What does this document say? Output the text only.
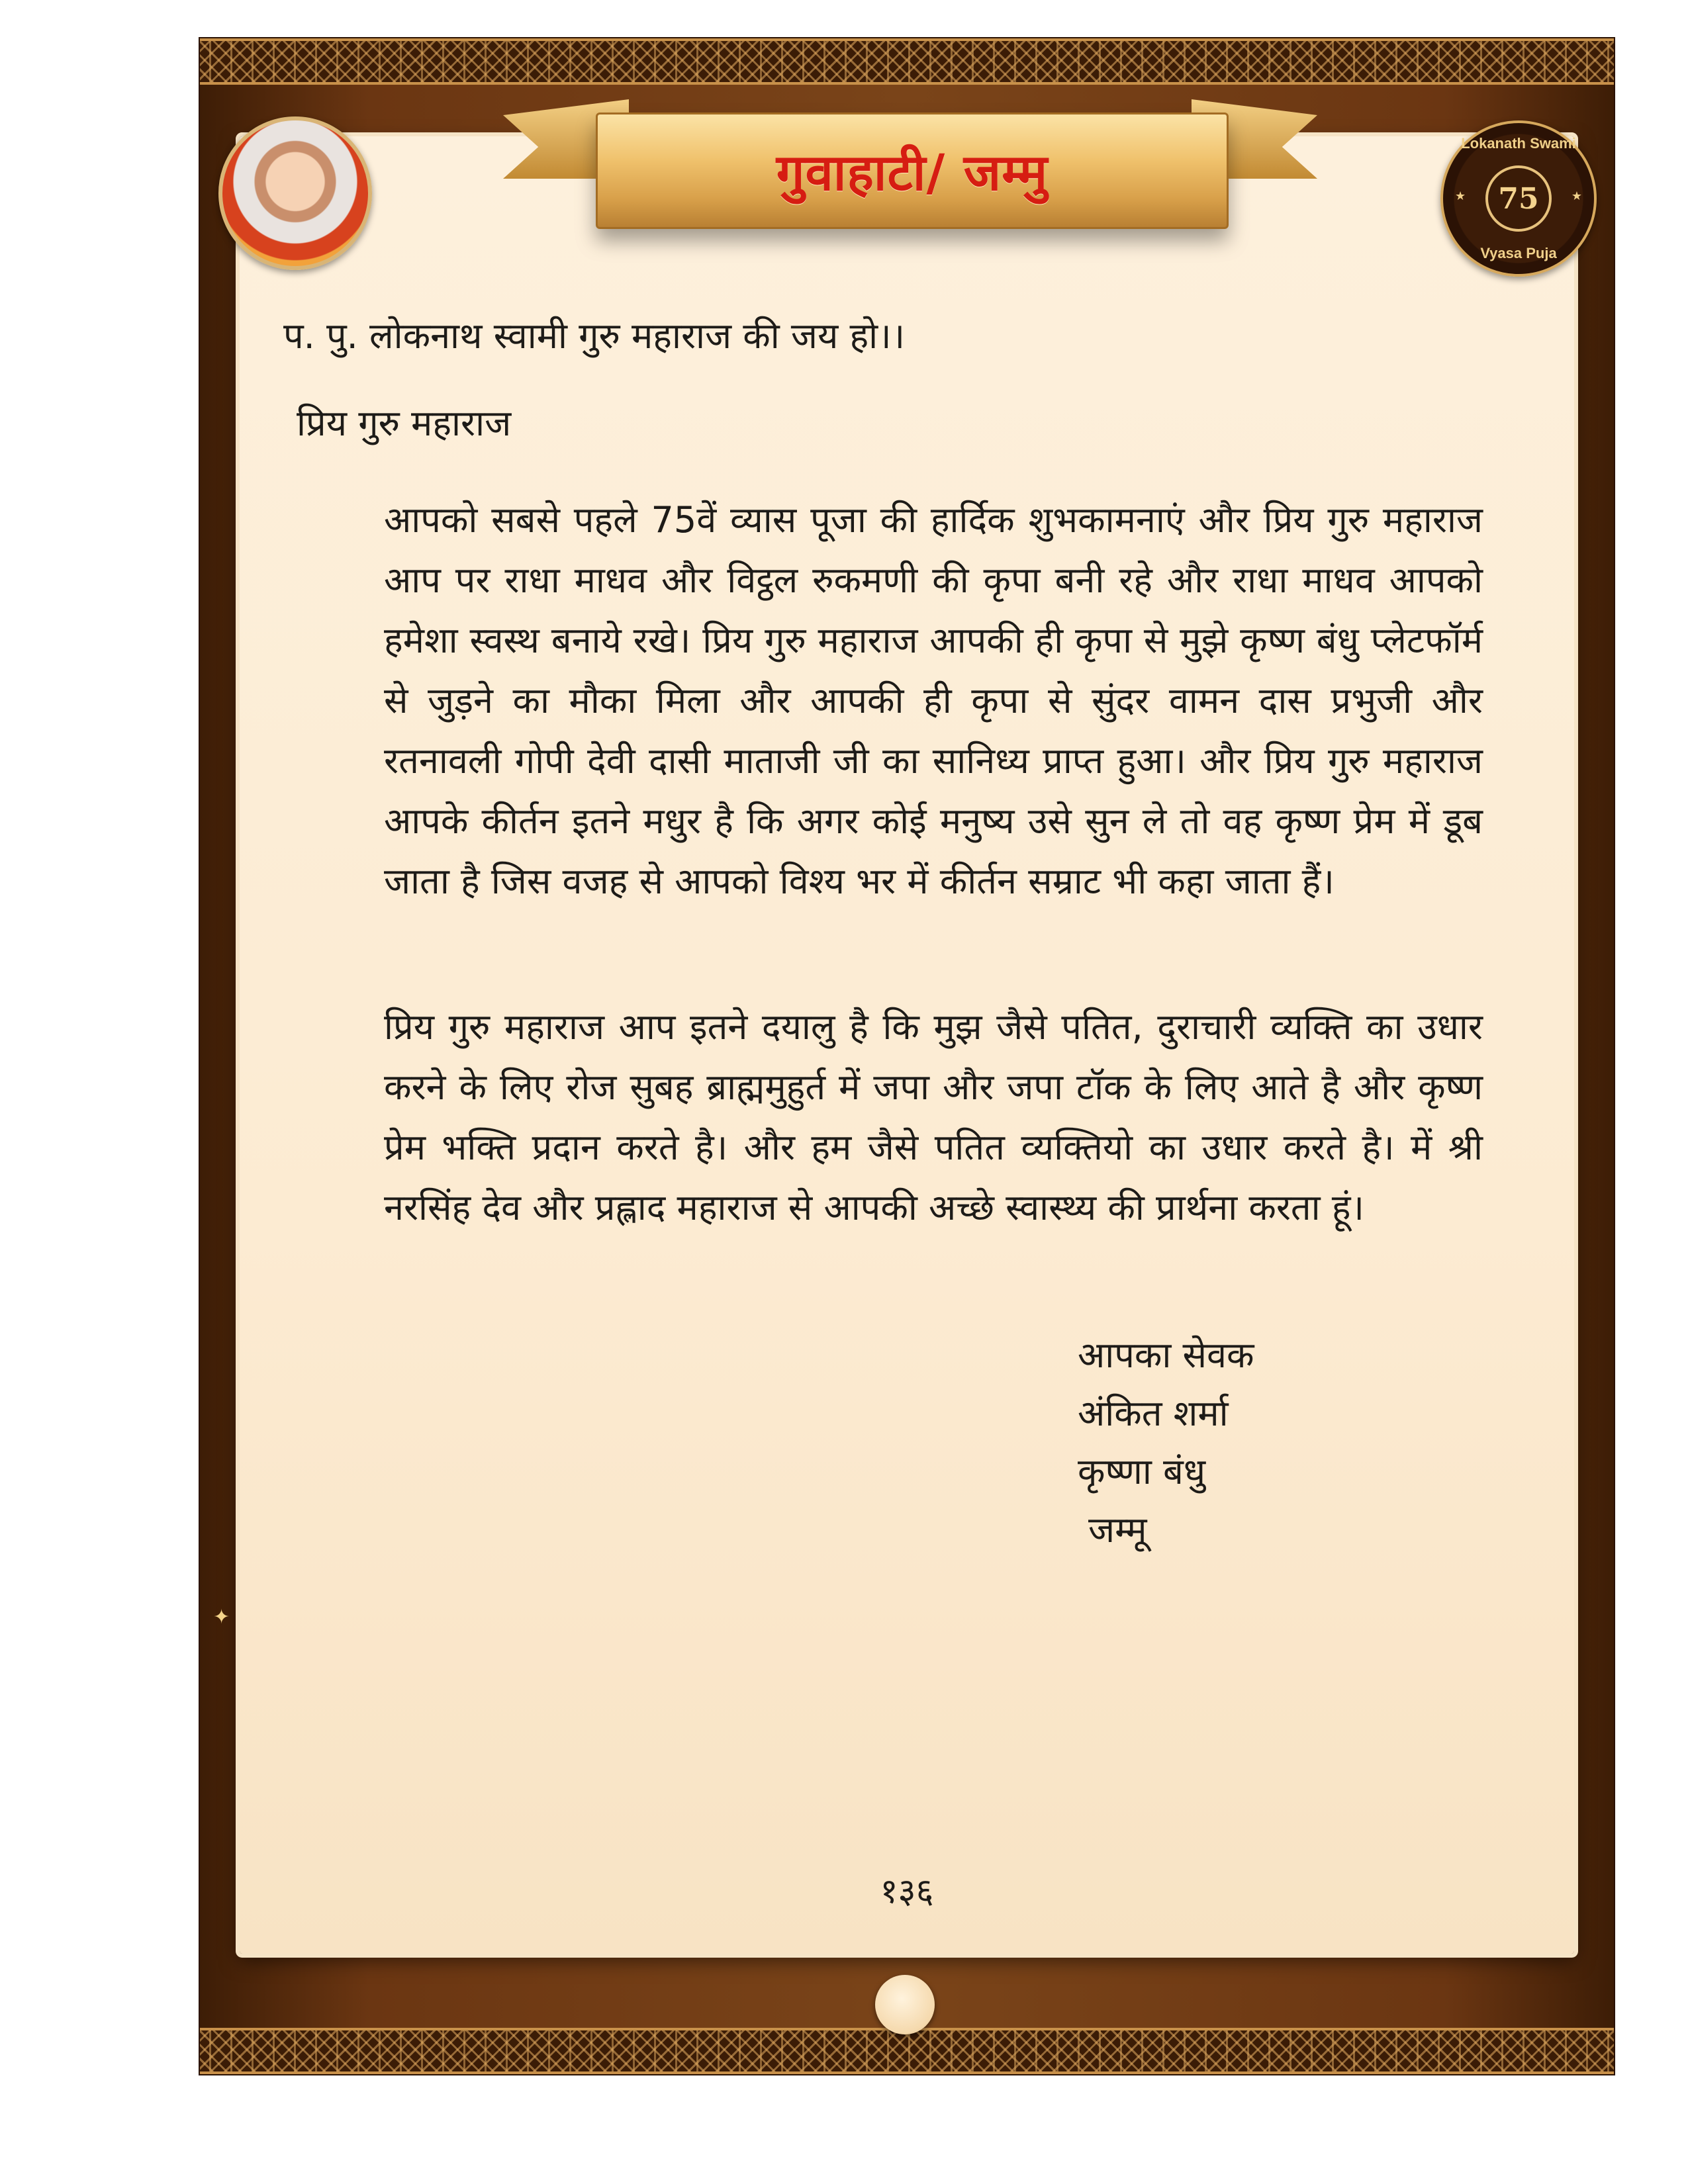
गुवाहाटी/ जम्मु	Lokanath Swami
★	★
75
Vyasa Puja
प. पु. लोकनाथ स्वामी गुरु महाराज की जय हो।।
प्रिय गुरु महाराज
आपको सबसे पहले 75वें व्यास पूजा की हार्दिक शुभकामनाएं और प्रिय गुरु महाराज आप पर राधा माधव और विट्ठल रुकमणी की कृपा बनी रहे और राधा माधव आपको हमेशा स्वस्थ बनाये रखे। प्रिय गुरु महाराज आपकी ही कृपा से मुझे कृष्ण बंधु प्लेटफॉर्म से जुड़ने का मौका मिला और आपकी ही कृपा से सुंदर वामन दास प्रभुजी और रतनावली गोपी देवी दासी माताजी जी का सानिध्य प्राप्त हुआ। और प्रिय गुरु महाराज आपके कीर्तन इतने मधुर है कि अगर कोई मनुष्य उसे सुन ले तो वह कृष्ण प्रेम में डूब जाता है जिस वजह से आपको विश्य भर में कीर्तन सम्राट भी कहा जाता हैं।
प्रिय गुरु महाराज आप इतने दयालु है कि मुझ जैसे पतित, दुराचारी व्यक्ति का उधार करने के लिए रोज सुबह ब्राह्ममुहुर्त में जपा और जपा टॉक के लिए आते है और कृष्ण प्रेम भक्ति प्रदान करते है। और हम जैसे पतित व्यक्तियो का उधार करते है। में श्री नरसिंह देव और प्रह्लाद महाराज से आपकी अच्छे स्वास्थ्य की प्रार्थना करता हूं।
आपका सेवक
अंकित शर्मा
कृष्णा बंधु
जम्मू
१३६
✦
